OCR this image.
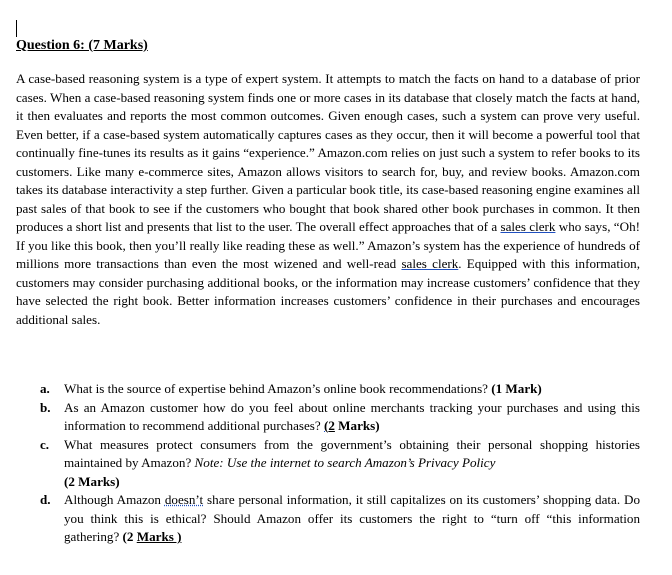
Question 6: (7 Marks)

A case-based reasoning system is a type of expert system. It attempts to match the facts on hand to a database of prior cases. When a case-based reasoning system finds one or more cases in its database that closely match the facts at hand, it then evaluates and reports the most common outcomes. Given enough cases, such a system can prove very useful. Even better, if a case-based system automatically captures cases as they occur, then it will become a powerful tool that continually fine-tunes its results as it gains “experience.” Amazon.com relies on just such a system to refer books to its customers. Like many e-commerce sites, Amazon allows visitors to search for, buy, and review books. Amazon.com takes its database interactivity a step further. Given a particular book title, its case-based reasoning engine examines all past sales of that book to see if the customers who bought that book shared other book purchases in common. It then produces a short list and presents that list to the user. The overall effect approaches that of a sales clerk who says, “Oh! If you like this book, then you’ll really like reading these as well.” Amazon’s system has the experience of hundreds of millions more transactions than even the most wizened and well-read sales clerk. Equipped with this information, customers may consider purchasing additional books, or the information may increase customers’ confidence that they have selected the right book. Better information increases customers’ confidence in their purchases and encourages additional sales.

a. What is the source of expertise behind Amazon’s online book recommendations? (1 Mark)
b. As an Amazon customer how do you feel about online merchants tracking your purchases and using this information to recommend additional purchases? (2 Marks)
c. What measures protect consumers from the government’s obtaining their personal shopping histories maintained by Amazon? Note: Use the internet to search Amazon’s Privacy Policy
(2 Marks)
d. Although Amazon doesn’t share personal information, it still capitalizes on its customers’ shopping data. Do you think this is ethical? Should Amazon offer its customers the right to “turn off “this information gathering? (2 Marks )
